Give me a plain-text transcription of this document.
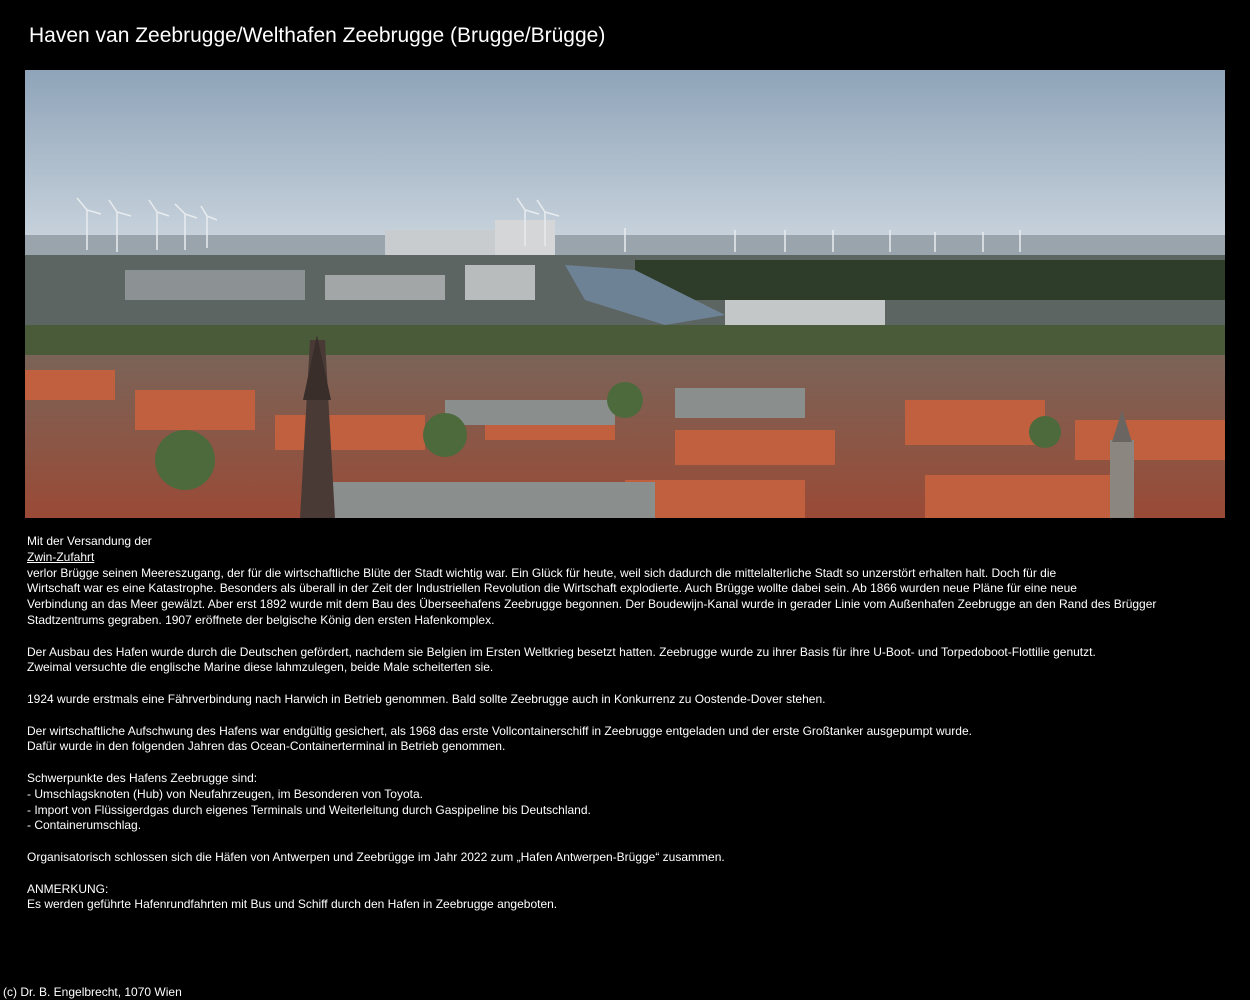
Haven van Zeebrugge/Welthafen Zeebrugge (Brugge/Brügge)

Mit der Versandung der

Zwin-Zufahrt

verlor Brügge seinen Meereszugang, der für die wirtschaftliche Blüte der Stadt wichtig war. Ein Glück für heute, weil sich dadurch die mittelalterliche Stadt so unzerstört erhalten halt. Doch für die

Wirtschaft war es eine Katastrophe. Besonders als überall in der Zeit der Industriellen Revolution die Wirtschaft explodierte. Auch Brügge wollte dabei sein. Ab 1866 wurden neue Pläne für eine neue

Verbindung an das Meer gewälzt. Aber erst 1892 wurde mit dem Bau des Überseehafens Zeebrugge begonnen. Der Boudewijn-Kanal wurde in gerader Linie vom Außenhafen Zeebrugge an den Rand des Brügger

Stadtzentrums gegraben. 1907 eröffnete der belgische König den ersten Hafenkomplex.

Der Ausbau des Hafen wurde durch die Deutschen gefördert, nachdem sie Belgien im Ersten Weltkrieg besetzt hatten. Zeebrugge wurde zu ihrer Basis für ihre U-Boot- und Torpedoboot-Flottilie genutzt.

Zweimal versuchte die englische Marine diese lahmzulegen, beide Male scheiterten sie.

1924 wurde erstmals eine Fährverbindung nach Harwich in Betrieb genommen. Bald sollte Zeebrugge auch in Konkurrenz zu Oostende-Dover stehen.

Der wirtschaftliche Aufschwung des Hafens war endgültig gesichert, als 1968 das erste Vollcontainerschiff in Zeebrugge entgeladen und der erste Großtanker ausgepumpt wurde.

Dafür wurde in den folgenden Jahren das Ocean-Containerterminal in Betrieb genommen.

Schwerpunkte des Hafens Zeebrugge sind:

- Umschlagsknoten (Hub) von Neufahrzeugen, im Besonderen von Toyota.

- Import von Flüssigerdgas durch eigenes Terminals und Weiterleitung durch Gaspipeline bis Deutschland.

- Containerumschlag.

Organisatorisch schlossen sich die Häfen von Antwerpen und Zeebrügge im Jahr 2022 zum „Hafen Antwerpen-Brügge“ zusammen.

ANMERKUNG:

Es werden geführte Hafenrundfahrten mit Bus und Schiff durch den Hafen in Zeebrugge angeboten.

(c) Dr. B. Engelbrecht, 1070 Wien
